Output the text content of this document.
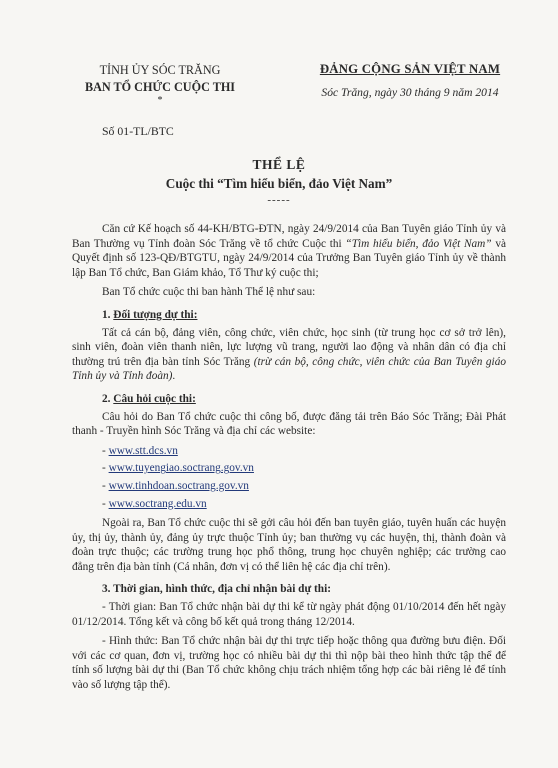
TỈNH ỦY SÓC TRĂNG
BAN TỔ CHỨC CUỘC THI
*
ĐẢNG CỘNG SẢN VIỆT NAM
Sóc Trăng, ngày 30 tháng 9 năm 2014
Số 01-TL/BTC
THỂ LỆ
Cuộc thi “Tìm hiểu biển, đảo Việt Nam”
-----

Căn cứ Kế hoạch số 44-KH/BTG-ĐTN, ngày 24/9/2014 của Ban Tuyên giáo Tỉnh ủy và Ban Thường vụ Tỉnh đoàn Sóc Trăng về tổ chức Cuộc thi “Tìm hiểu biển, đảo Việt Nam” và Quyết định số 123-QĐ/BTGTU, ngày 24/9/2014 của Trưởng Ban Tuyên giáo Tỉnh ủy về thành lập Ban Tổ chức, Ban Giám khảo, Tổ Thư ký cuộc thi;

Ban Tổ chức cuộc thi ban hành Thể lệ như sau:

1. Đối tượng dự thi:

Tất cả cán bộ, đảng viên, công chức, viên chức, học sinh (từ trung học cơ sở trở lên), sinh viên, đoàn viên thanh niên, lực lượng vũ trang, người lao động và nhân dân có địa chỉ thường trú trên địa bàn tỉnh Sóc Trăng (trừ cán bộ, công chức, viên chức của Ban Tuyên giáo Tỉnh ủy và Tỉnh đoàn).

2. Câu hỏi cuộc thi:

Câu hỏi do Ban Tổ chức cuộc thi công bố, được đăng tải trên Báo Sóc Trăng; Đài Phát thanh - Truyền hình Sóc Trăng và địa chỉ các website:

- www.stt.dcs.vn
- www.tuyengiao.soctrang.gov.vn
- www.tinhdoan.soctrang.gov.vn
- www.soctrang.edu.vn

Ngoài ra, Ban Tổ chức cuộc thi sẽ gởi câu hỏi đến ban tuyên giáo, tuyên huấn các huyện ủy, thị ủy, thành ủy, đảng ủy trực thuộc Tỉnh ủy; ban thường vụ các huyện, thị, thành đoàn và đoàn trực thuộc; các trường trung học phổ thông, trung học chuyên nghiệp; các trường cao đẳng trên địa bàn tỉnh (Cá nhân, đơn vị có thể liên hệ các địa chỉ trên).

3. Thời gian, hình thức, địa chỉ nhận bài dự thi:

- Thời gian: Ban Tổ chức nhận bài dự thi kể từ ngày phát động 01/10/2014 đến hết ngày 01/12/2014. Tổng kết và công bố kết quả trong tháng 12/2014.

- Hình thức: Ban Tổ chức nhận bài dự thi trực tiếp hoặc thông qua đường bưu điện. Đối với các cơ quan, đơn vị, trường học có nhiều bài dự thi thì nộp bài theo hình thức tập thể để tính số lượng bài dự thi (Ban Tổ chức không chịu trách nhiệm tổng hợp các bài riêng lẻ để tính vào số lượng tập thể).
